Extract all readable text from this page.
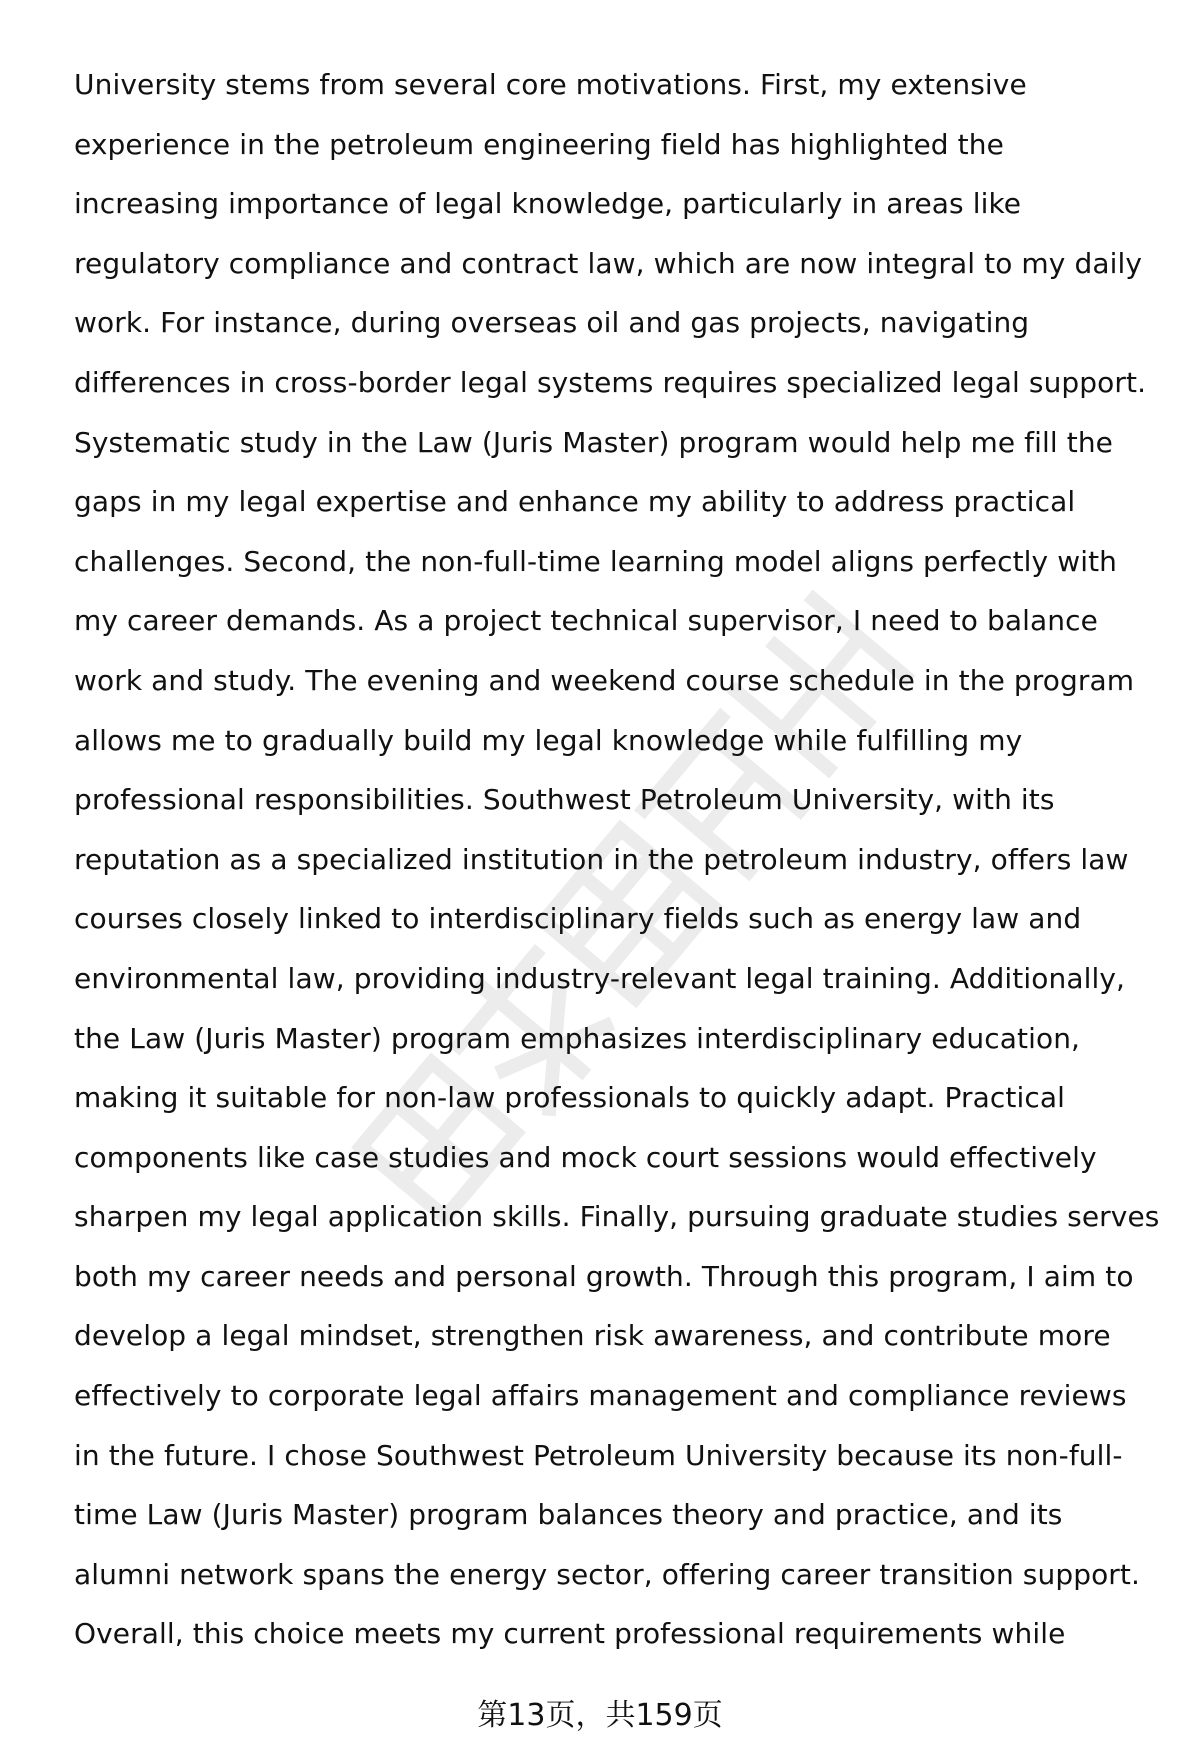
University stems from several core motivations. First, my extensive
experience in the petroleum engineering field has highlighted the
increasing importance of legal knowledge, particularly in areas like
regulatory compliance and contract law, which are now integral to my daily
work. For instance, during overseas oil and gas projects, navigating
differences in cross-border legal systems requires specialized legal support.
Systematic study in the Law (Juris Master) program would help me fill the
gaps in my legal expertise and enhance my ability to address practical
challenges. Second, the non-full-time learning model aligns perfectly with
my career demands. As a project technical supervisor, I need to balance
work and study. The evening and weekend course schedule in the program
allows me to gradually build my legal knowledge while fulfilling my
professional responsibilities. Southwest Petroleum University, with its
reputation as a specialized institution in the petroleum industry, offers law
courses closely linked to interdisciplinary fields such as energy law and
environmental law, providing industry-relevant legal training. Additionally,
the Law (Juris Master) program emphasizes interdisciplinary education,
making it suitable for non-law professionals to quickly adapt. Practical
components like case studies and mock court sessions would effectively
sharpen my legal application skills. Finally, pursuing graduate studies serves
both my career needs and personal growth. Through this program, I aim to
develop a legal mindset, strengthen risk awareness, and contribute more
effectively to corporate legal affairs management and compliance reviews
in the future. I chose Southwest Petroleum University because its non-full-
time Law (Juris Master) program balances theory and practice, and its
alumni network spans the energy sector, offering career transition support.
Overall, this choice meets my current professional requirements while
第13页，共159页
